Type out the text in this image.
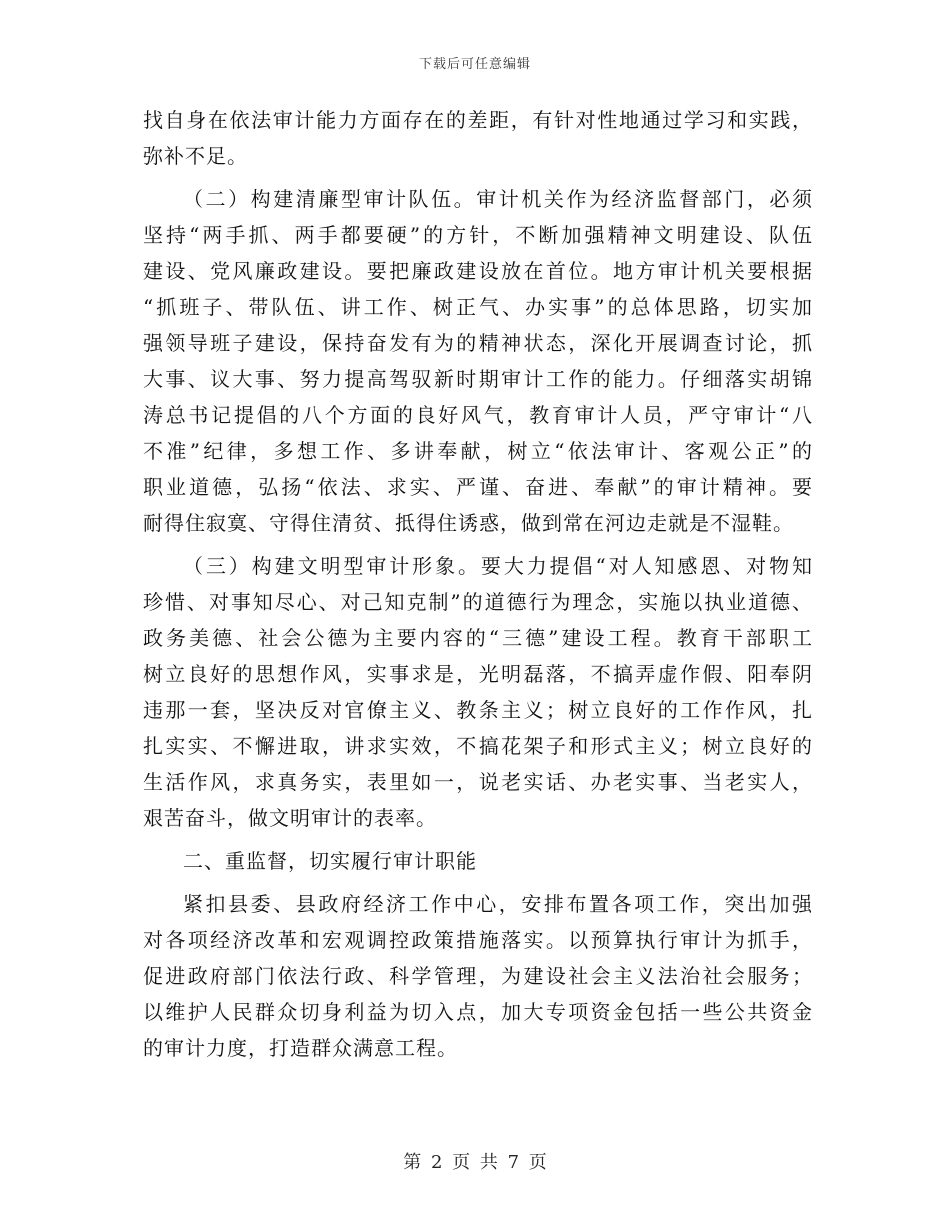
下载后可任意编辑
找自身在依法审计能力方面存在的差距，有针对性地通过学习和实践，
弥补不足。
（二）构建清廉型审计队伍。审计机关作为经济监督部门，必须
坚持“两手抓、两手都要硬”的方针，不断加强精神文明建设、队伍
建设、党风廉政建设。要把廉政建设放在首位。地方审计机关要根据
“抓班子、带队伍、讲工作、树正气、办实事”的总体思路，切实加
强领导班子建设，保持奋发有为的精神状态，深化开展调查讨论，抓
大事、议大事、努力提高驾驭新时期审计工作的能力。仔细落实胡锦
涛总书记提倡的八个方面的良好风气，教育审计人员，严守审计“八
不准”纪律，多想工作、多讲奉献，树立“依法审计、客观公正”的
职业道德，弘扬“依法、求实、严谨、奋进、奉献”的审计精神。要
耐得住寂寞、守得住清贫、抵得住诱惑，做到常在河边走就是不湿鞋。
（三）构建文明型审计形象。要大力提倡“对人知感恩、对物知
珍惜、对事知尽心、对己知克制”的道德行为理念，实施以执业道德、
政务美德、社会公德为主要内容的“三德”建设工程。教育干部职工
树立良好的思想作风，实事求是，光明磊落，不搞弄虚作假、阳奉阴
违那一套，坚决反对官僚主义、教条主义；树立良好的工作作风，扎
扎实实、不懈进取，讲求实效，不搞花架子和形式主义；树立良好的
生活作风，求真务实，表里如一，说老实话、办老实事、当老实人，
艰苦奋斗，做文明审计的表率。
二、重监督，切实履行审计职能
紧扣县委、县政府经济工作中心，安排布置各项工作，突出加强
对各项经济改革和宏观调控政策措施落实。以预算执行审计为抓手，
促进政府部门依法行政、科学管理，为建设社会主义法治社会服务；
以维护人民群众切身利益为切入点，加大专项资金包括一些公共资金
的审计力度，打造群众满意工程。
第 2 页 共 7 页
